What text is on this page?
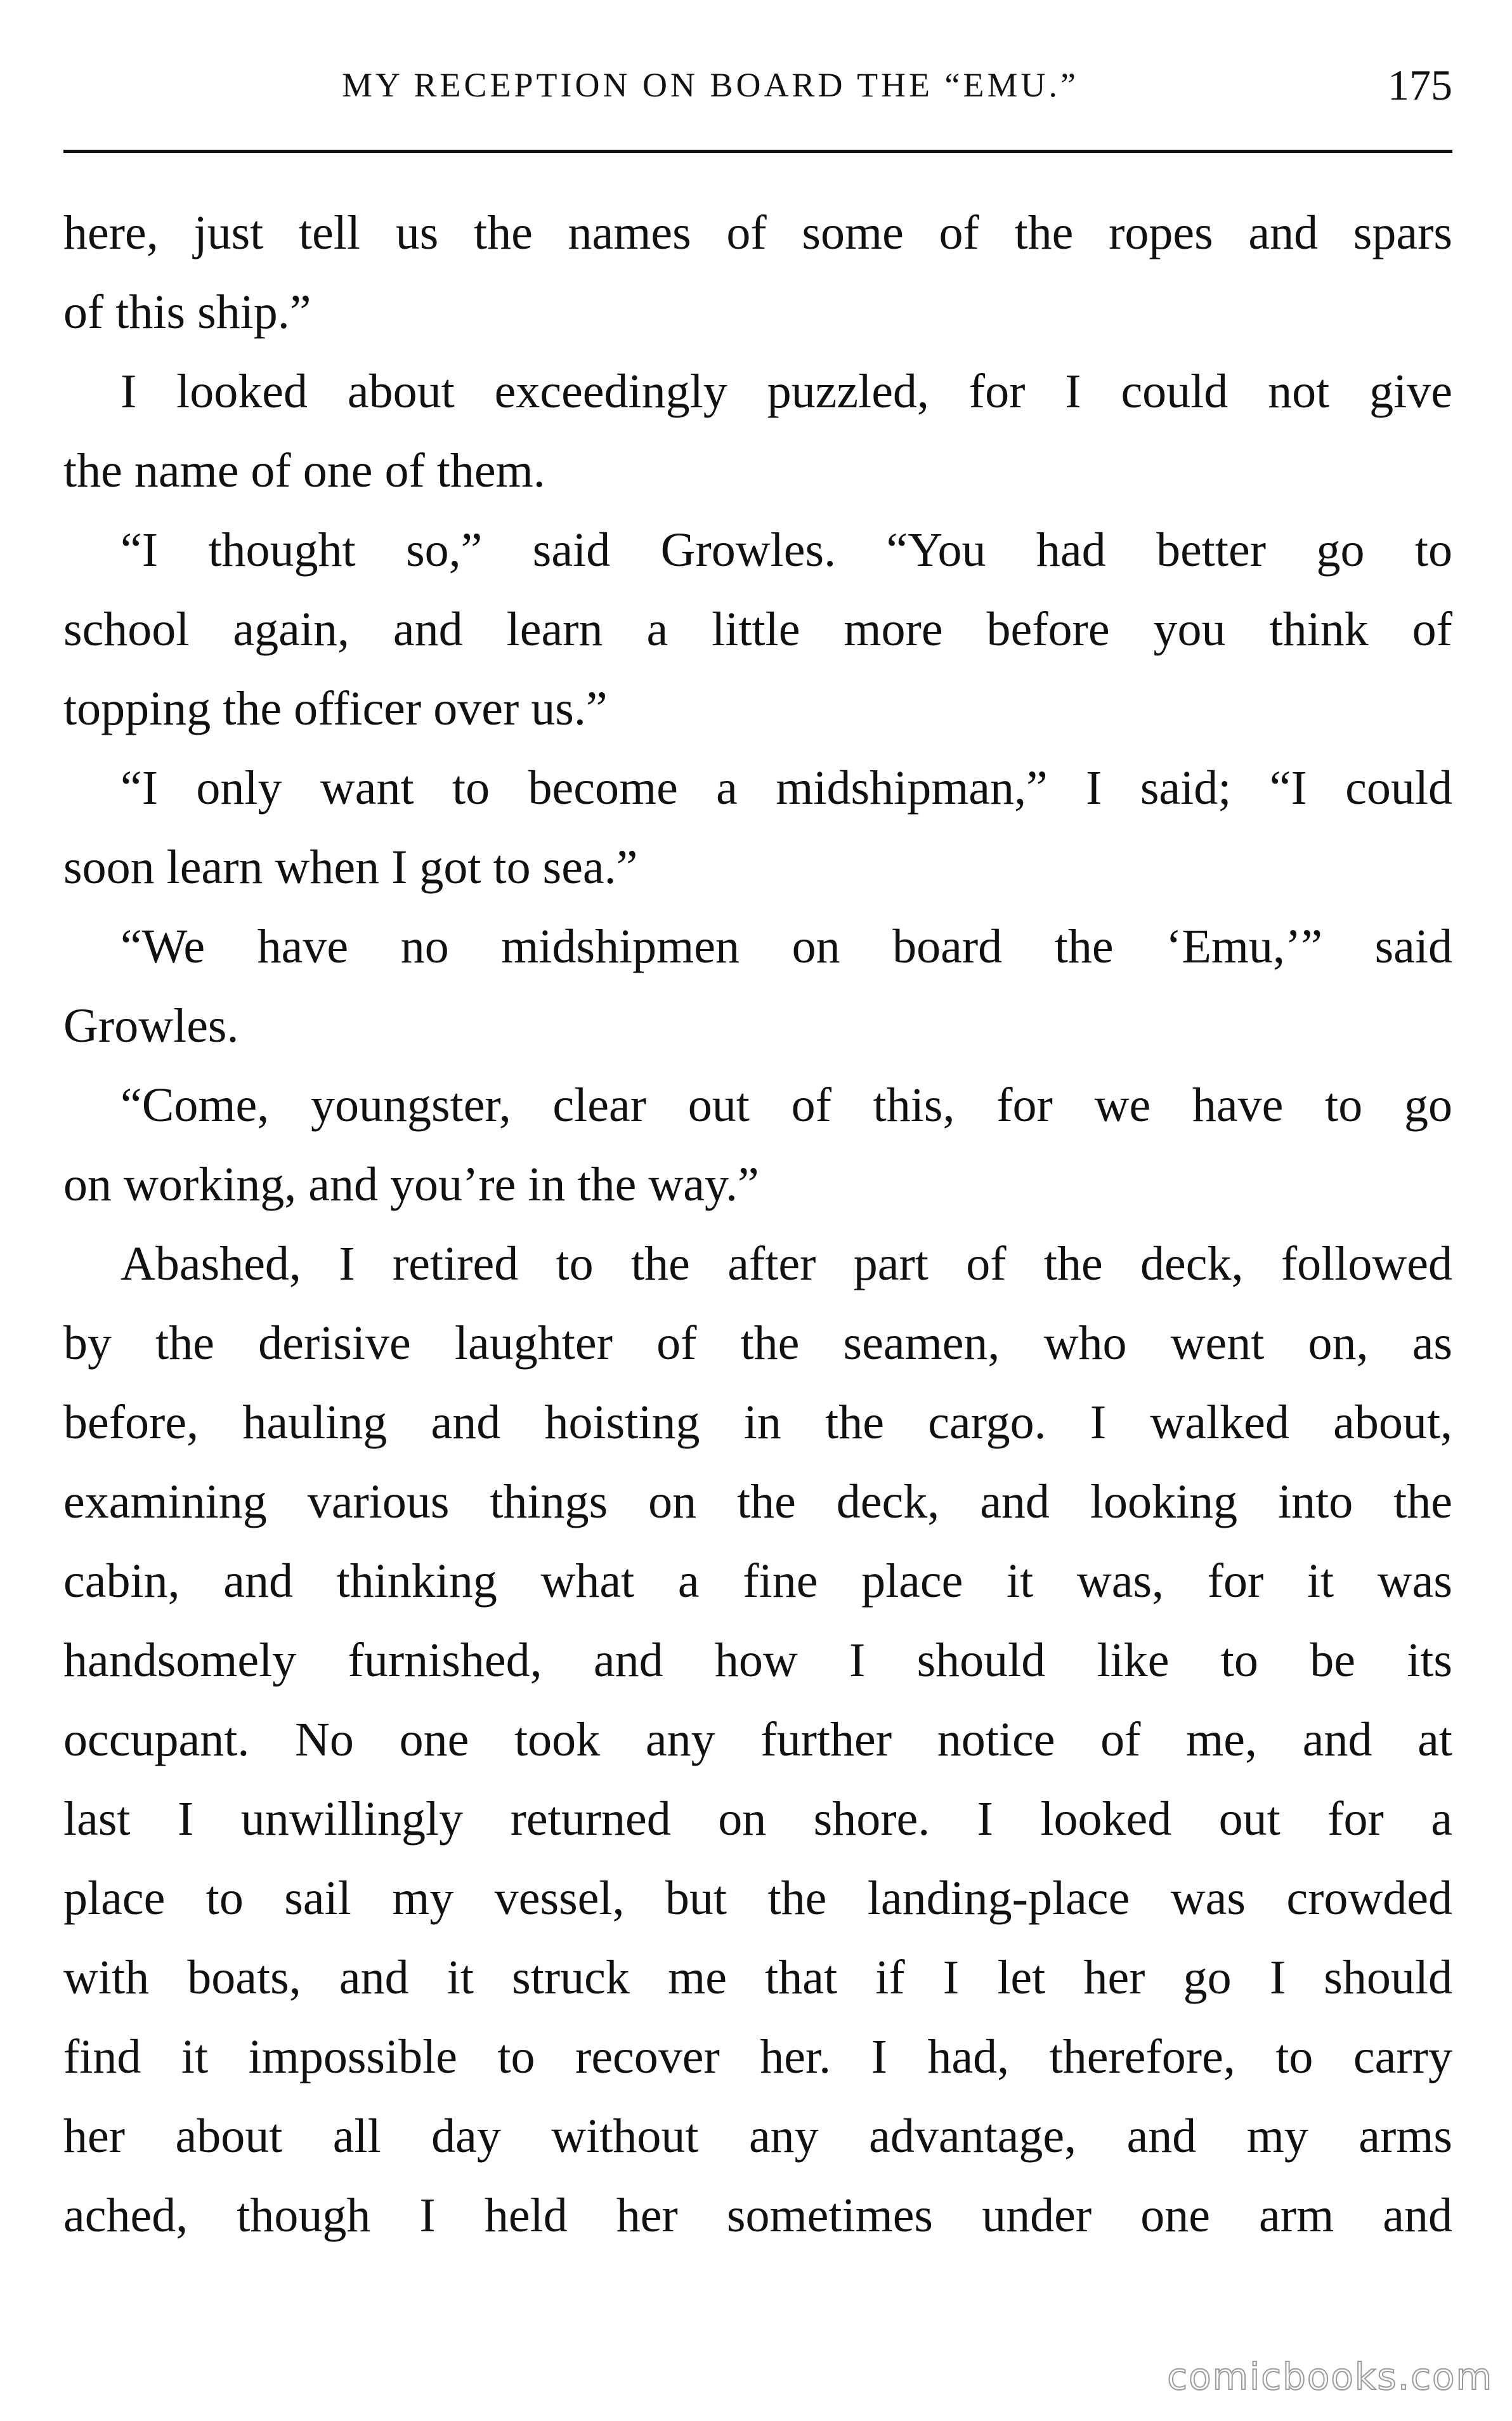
MY RECEPTION ON BOARD THE “EMU.”	175
here, just tell us the names of some of the ropes and spars
of this ship.”
I looked about exceedingly puzzled, for I could not give
the name of one of them.
“I thought so,” said Growles. “You had better go to
school again, and learn a little more before you think of
topping the officer over us.”
“I only want to become a midshipman,” I said; “I could
soon learn when I got to sea.”
“We have no midshipmen on board the ‘Emu,’” said
Growles.
“Come, youngster, clear out of this, for we have to go
on working, and you’re in the way.”
Abashed, I retired to the after part of the deck, followed
by the derisive laughter of the seamen, who went on, as
before, hauling and hoisting in the cargo. I walked about,
examining various things on the deck, and looking into the
cabin, and thinking what a fine place it was, for it was
handsomely furnished, and how I should like to be its
occupant. No one took any further notice of me, and at
last I unwillingly returned on shore. I looked out for a
place to sail my vessel, but the landing-place was crowded
with boats, and it struck me that if I let her go I should
find it impossible to recover her. I had, therefore, to carry
her about all day without any advantage, and my arms
ached, though I held her sometimes under one arm and
comicbooks.com
